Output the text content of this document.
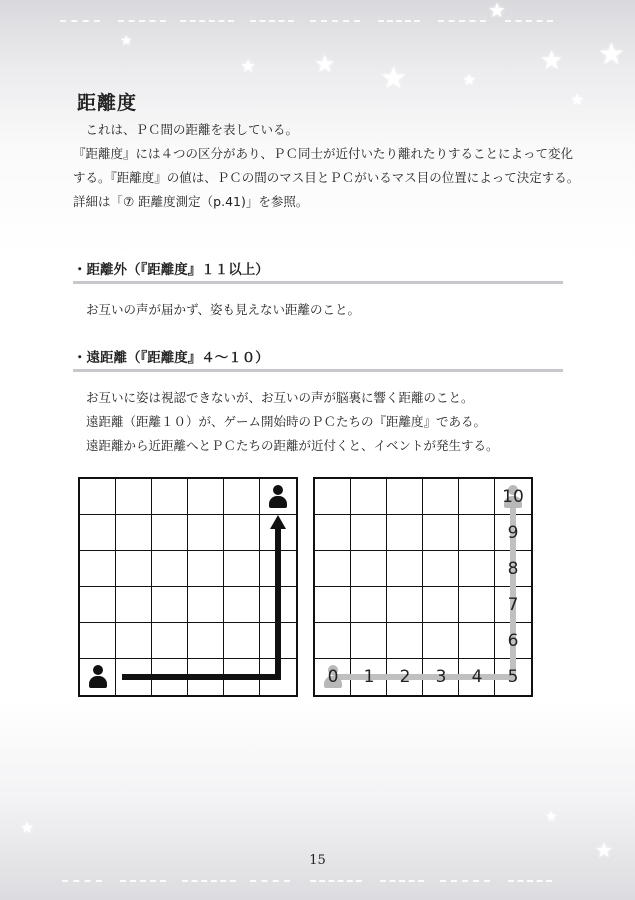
★
★ ★ ★	★
★
★ ★
★
距離度

　これは、ＰＣ間の距離を表している。

『距離度』には４つの区分があり、ＰＣ同士が近付いたり離れたりすることによって変化する。『距離度』の値は、ＰＣの間のマス目とＰＣがいるマス目の位置によって決定する。詳細は「⑦ 距離度測定（p.41)」を参照。

・距離外（『距離度』１１以上）

お互いの声が届かず、姿も見えない距離のこと。

・遠距離（『距離度』４～１０）

お互いに姿は視認できないが、お互いの声が脳裏に響く距離のこと。

遠距離（距離１０）が、ゲーム開始時のＰＣたちの『距離度』である。

遠距離から近距離へとＰＣたちの距離が近付くと、イベントが発生する。

0	1	2	3	4	5
6
7
8
9
10
15
★
★
★
